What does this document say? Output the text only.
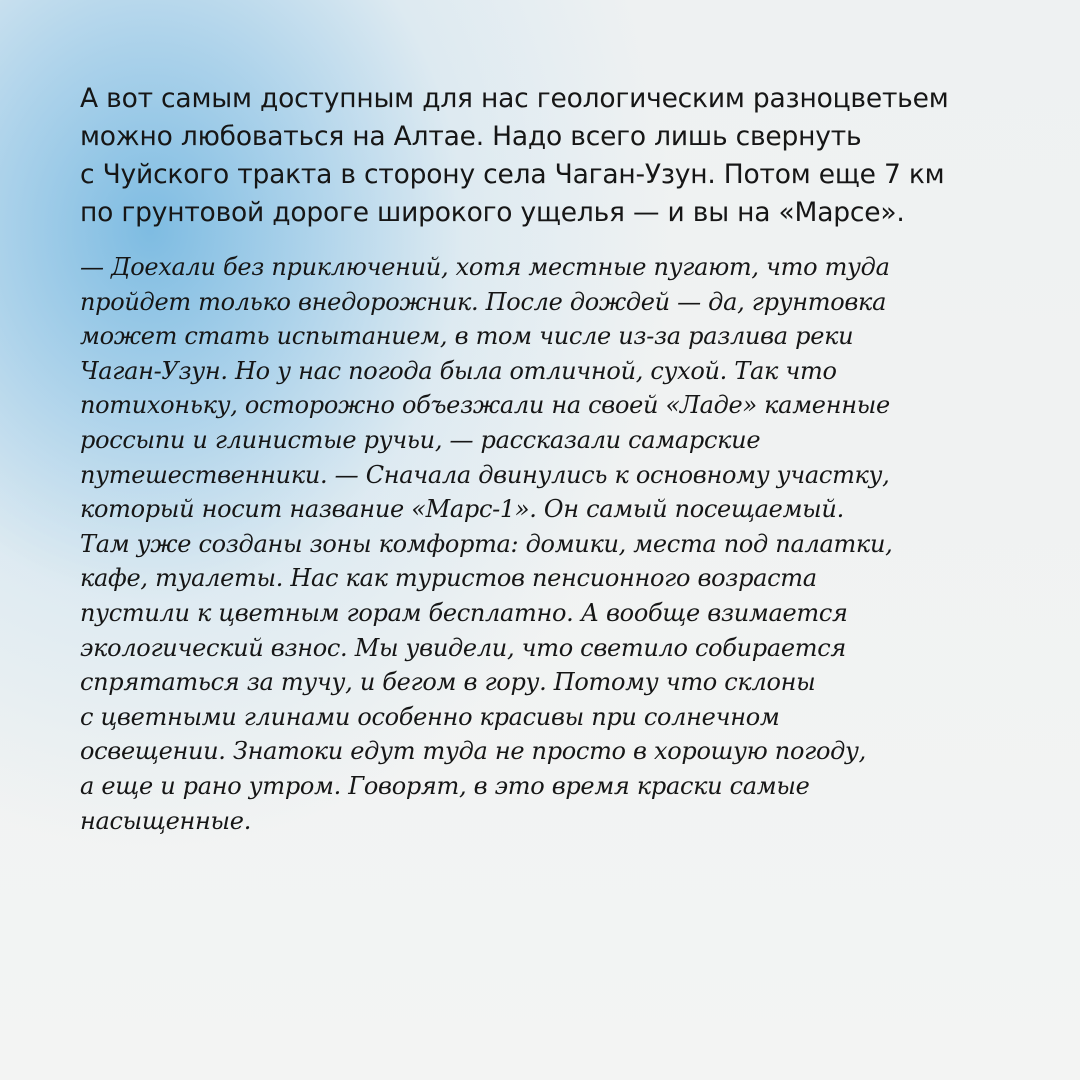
А вот самым доступным для нас геологическим разноцветьем
можно любоваться на Алтае. Надо всего лишь свернуть
с Чуйского тракта в сторону села Чаган-Узун. Потом еще 7 км
по грунтовой дороге широкого ущелья — и вы на «Марсе».

— Доехали без приключений, хотя местные пугают, что туда
пройдет только внедорожник. После дождей — да, грунтовка
может стать испытанием, в том числе из-за разлива реки
Чаган-Узун. Но у нас погода была отличной, сухой. Так что
потихоньку, осторожно объезжали на своей «Ладе» каменные
россыпи и глинистые ручьи, — рассказали самарские
путешественники. — Сначала двинулись к основному участку,
который носит название «Марс-1». Он самый посещаемый.
Там уже созданы зоны комфорта: домики, места под палатки,
кафе, туалеты. Нас как туристов пенсионного возраста
пустили к цветным горам бесплатно. А вообще взимается
экологический взнос. Мы увидели, что светило собирается
спрятаться за тучу, и бегом в гору. Потому что склоны
с цветными глинами особенно красивы при солнечном
освещении. Знатоки едут туда не просто в хорошую погоду,
а еще и рано утром. Говорят, в это время краски самые
насыщенные.
